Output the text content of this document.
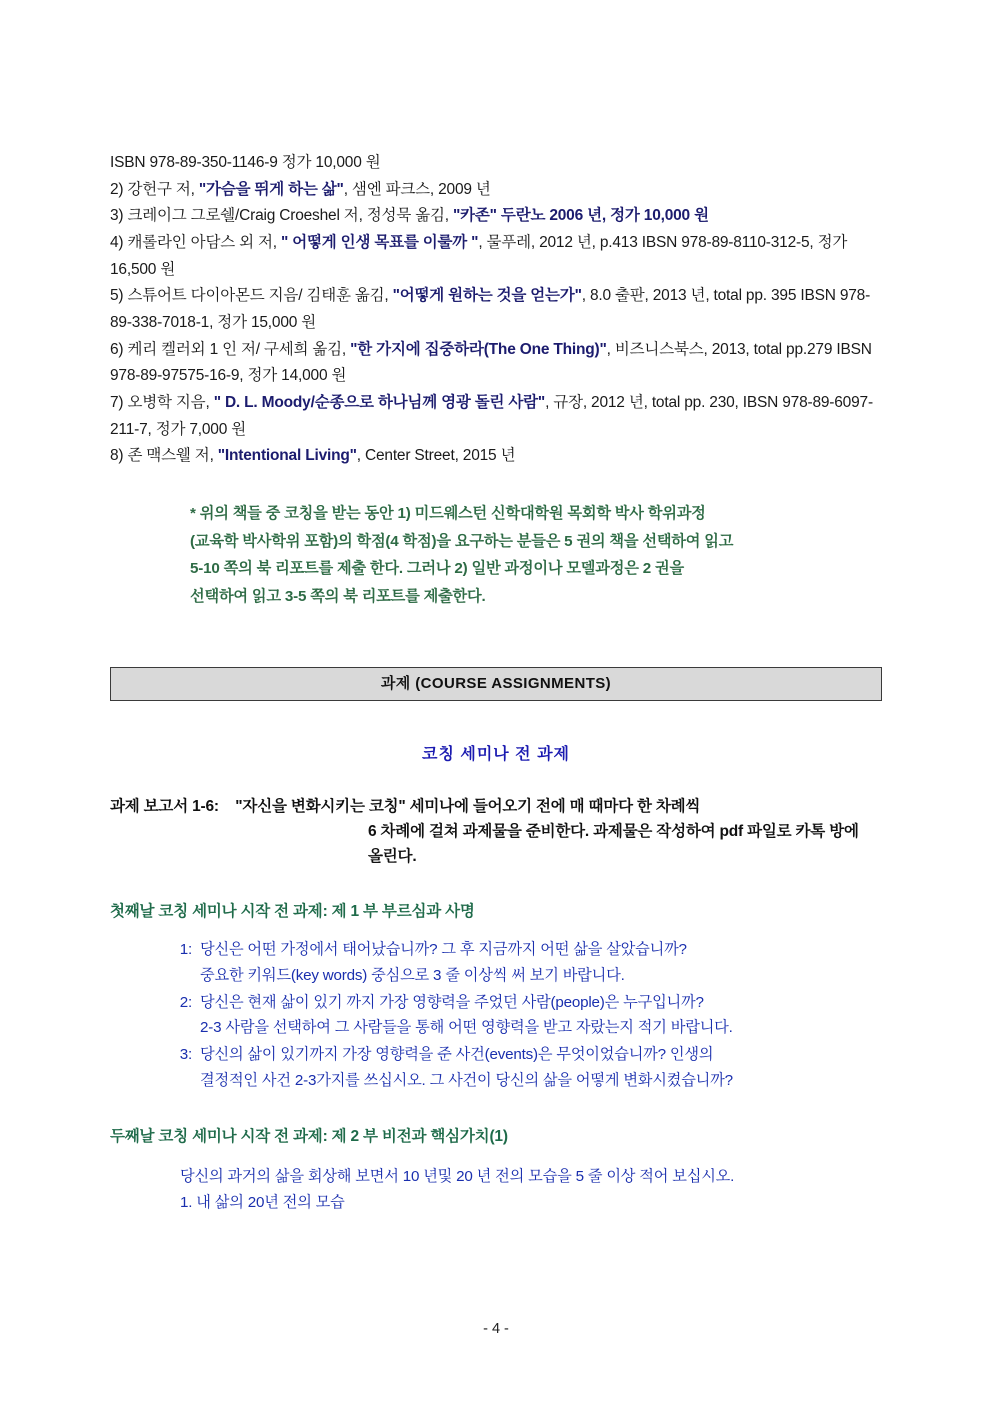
ISBN 978-89-350-1146-9 정가 10,000 원
2) 강헌구 저, "가슴을 뛰게 하는 삶", 샘엔 파크스, 2009 년
3) 크레이그 그로쉘/Craig Croeshel 저, 정성묵 옮김, "카존" 두란노 2006 년, 정가 10,000 원
4) 캐롤라인 아담스 외 저, " 어떻게 인생 목표를 이룰까 ", 물푸레, 2012 년, p.413 IBSN 978-89-8110-312-5, 정가 16,500 원
5) 스튜어트 다이아몬드 지음/ 김태훈 옮김, "어떻게 원하는 것을 얻는가", 8.0 출판, 2013 년, total pp. 395 IBSN 978-89-338-7018-1, 정가 15,000 원
6) 케리 켈러외 1 인 저/ 구세희 옮김, "한 가지에 집중하라(The One Thing)", 비즈니스북스, 2013, total pp.279 IBSN 978-89-97575-16-9, 정가 14,000 원
7) 오병학 지음, " D. L. Moody/순종으로 하나님께 영광 돌린 사람", 규장, 2012 년, total pp. 230, IBSN 978-89-6097-211-7, 정가 7,000 원
8) 존 맥스웰 저, "Intentional Living", Center Street, 2015 년
* 위의 책들 중 코칭을 받는 동안 1) 미드웨스턴 신학대학원 목회학 박사 학위과정
(교육학 박사학위 포함)의 학점(4 학점)을 요구하는 분들은 5 권의 책을 선택하여 읽고
5-10 쪽의 북 리포트를 제출 한다. 그러나 2) 일반 과정이나 모델과정은 2 권을
선택하여 읽고 3-5 쪽의 북 리포트를 제출한다.
과제 (COURSE ASSIGNMENTS)
코칭 세미나 전 과제
과제 보고서 1-6: "자신을 변화시키는 코칭" 세미나에 들어오기 전에 매 때마다 한 차례씩
6 차례에 걸쳐 과제물을 준비한다. 과제물은 작성하여 pdf 파일로 카톡 방에
올린다.
첫째날 코칭 세미나 시작 전 과제: 제 1 부 부르심과 사명
1: 당신은 어떤 가정에서 태어났습니까? 그 후 지금까지 어떤 삶을 살았습니까?
중요한 키워드(key words) 중심으로 3 줄 이상씩 써 보기 바랍니다.
2: 당신은 현재 삶이 있기 까지 가장 영향력을 주었던 사람(people)은 누구입니까?
2-3 사람을 선택하여 그 사람들을 통해 어떤 영향력을 받고 자랐는지 적기 바랍니다.
3: 당신의 삶이 있기까지 가장 영향력을 준 사건(events)은 무엇이었습니까? 인생의
결정적인 사건 2-3가지를 쓰십시오. 그 사건이 당신의 삶을 어떻게 변화시켰습니까?
두째날 코칭 세미나 시작 전 과제: 제 2 부 비전과 핵심가치(1)
당신의 과거의 삶을 회상해 보면서 10 년및 20 년 전의 모습을 5 줄 이상 적어 보십시오.
1. 내 삶의 20년 전의 모습
- 4 -
